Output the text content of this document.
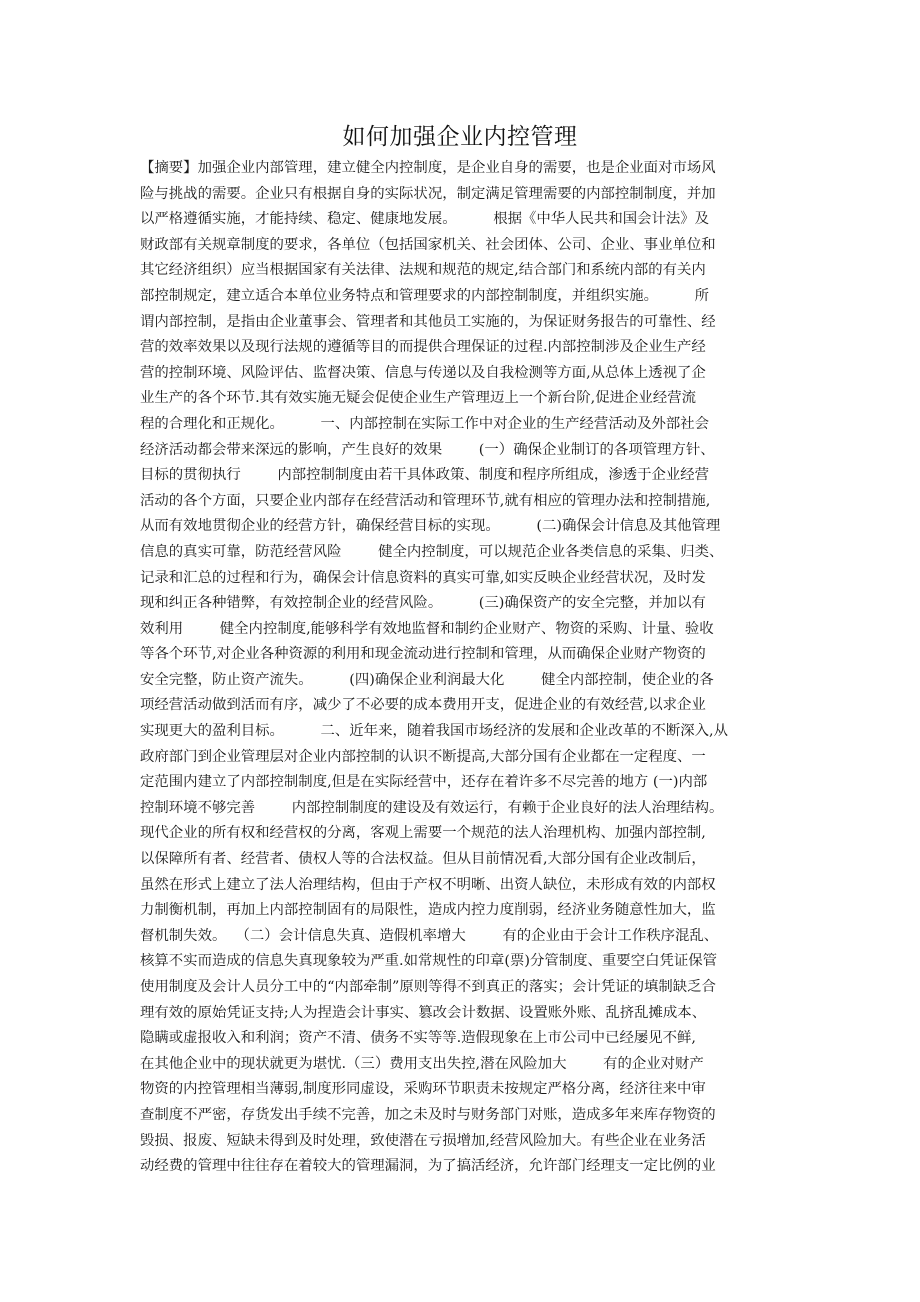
如何加强企业内控管理
【摘要】加强企业内部管理，建立健全内控制度，是企业自身的需要，也是企业面对市场风
险与挑战的需要。企业只有根据自身的实际状况，制定满足管理需要的内部控制制度，并加
以严格遵循实施，才能持续、稳定、健康地发展。        根据《中华人民共和国会计法》及
财政部有关规章制度的要求，各单位（包括国家机关、社会团体、公司、企业、事业单位和
其它经济组织）应当根据国家有关法律、法规和规范的规定,结合部门和系统内部的有关内
部控制规定，建立适合本单位业务特点和管理要求的内部控制制度，并组织实施。        所
谓内部控制，是指由企业董事会、管理者和其他员工实施的，为保证财务报告的可靠性、经
营的效率效果以及现行法规的遵循等目的而提供合理保证的过程.内部控制涉及企业生产经
营的控制环境、风险评估、监督决策、信息与传递以及自我检测等方面,从总体上透视了企
业生产的各个环节.其有效实施无疑会促使企业生产管理迈上一个新台阶,促进企业经营流
程的合理化和正规化。        一、内部控制在实际工作中对企业的生产经营活动及外部社会
经济活动都会带来深远的影响，产生良好的效果        (一）确保企业制订的各项管理方针、
目标的贯彻执行        内部控制制度由若干具体政策、制度和程序所组成，渗透于企业经营
活动的各个方面，只要企业内部存在经营活动和管理环节,就有相应的管理办法和控制措施,
从而有效地贯彻企业的经营方针，确保经营目标的实现。        (二)确保会计信息及其他管理
信息的真实可靠，防范经营风险        健全内控制度，可以规范企业各类信息的采集、归类、
记录和汇总的过程和行为，确保会计信息资料的真实可靠,如实反映企业经营状况，及时发
现和纠正各种错弊，有效控制企业的经营风险。        (三)确保资产的安全完整，并加以有
效利用        健全内控制度,能够科学有效地监督和制约企业财产、物资的采购、计量、验收
等各个环节,对企业各种资源的利用和现金流动进行控制和管理，从而确保企业财产物资的
安全完整，防止资产流失。        (四)确保企业利润最大化        健全内部控制，使企业的各
项经营活动做到活而有序，减少了不必要的成本费用开支，促进企业的有效经营,以求企业
实现更大的盈利目标。        二、近年来，随着我国市场经济的发展和企业改革的不断深入,从
政府部门到企业管理层对企业内部控制的认识不断提高,大部分国有企业都在一定程度、一
定范围内建立了内部控制制度,但是在实际经营中，还存在着许多不尽完善的地方 (一)内部
控制环境不够完善        内部控制制度的建设及有效运行，有赖于企业良好的法人治理结构。
现代企业的所有权和经营权的分离，客观上需要一个规范的法人治理机构、加强内部控制,
以保障所有者、经营者、债权人等的合法权益。但从目前情况看,大部分国有企业改制后，
虽然在形式上建立了法人治理结构，但由于产权不明晰、出资人缺位，未形成有效的内部权
力制衡机制，再加上内部控制固有的局限性，造成内控力度削弱，经济业务随意性加大，监
督机制失效。  （二）会计信息失真、造假机率增大        有的企业由于会计工作秩序混乱、
核算不实而造成的信息失真现象较为严重.如常规性的印章(票)分管制度、重要空白凭证保管
使用制度及会计人员分工中的“内部牵制”原则等得不到真正的落实；会计凭证的填制缺乏合
理有效的原始凭证支持;人为捏造会计事实、篡改会计数据、设置账外账、乱挤乱摊成本、
隐瞒或虚报收入和利润；资产不清、债务不实等等.造假现象在上市公司中已经屡见不鲜,
在其他企业中的现状就更为堪忧.（三）费用支出失控,潜在风险加大        有的企业对财产
物资的内控管理相当薄弱,制度形同虚设，采购环节职责未按规定严格分离，经济往来中审
查制度不严密，存货发出手续不完善，加之未及时与财务部门对账，造成多年来库存物资的
毁损、报废、短缺未得到及时处理，致使潜在亏损增加,经营风险加大。有些企业在业务活
动经费的管理中往往存在着较大的管理漏洞，为了搞活经济，允许部门经理支一定比例的业
